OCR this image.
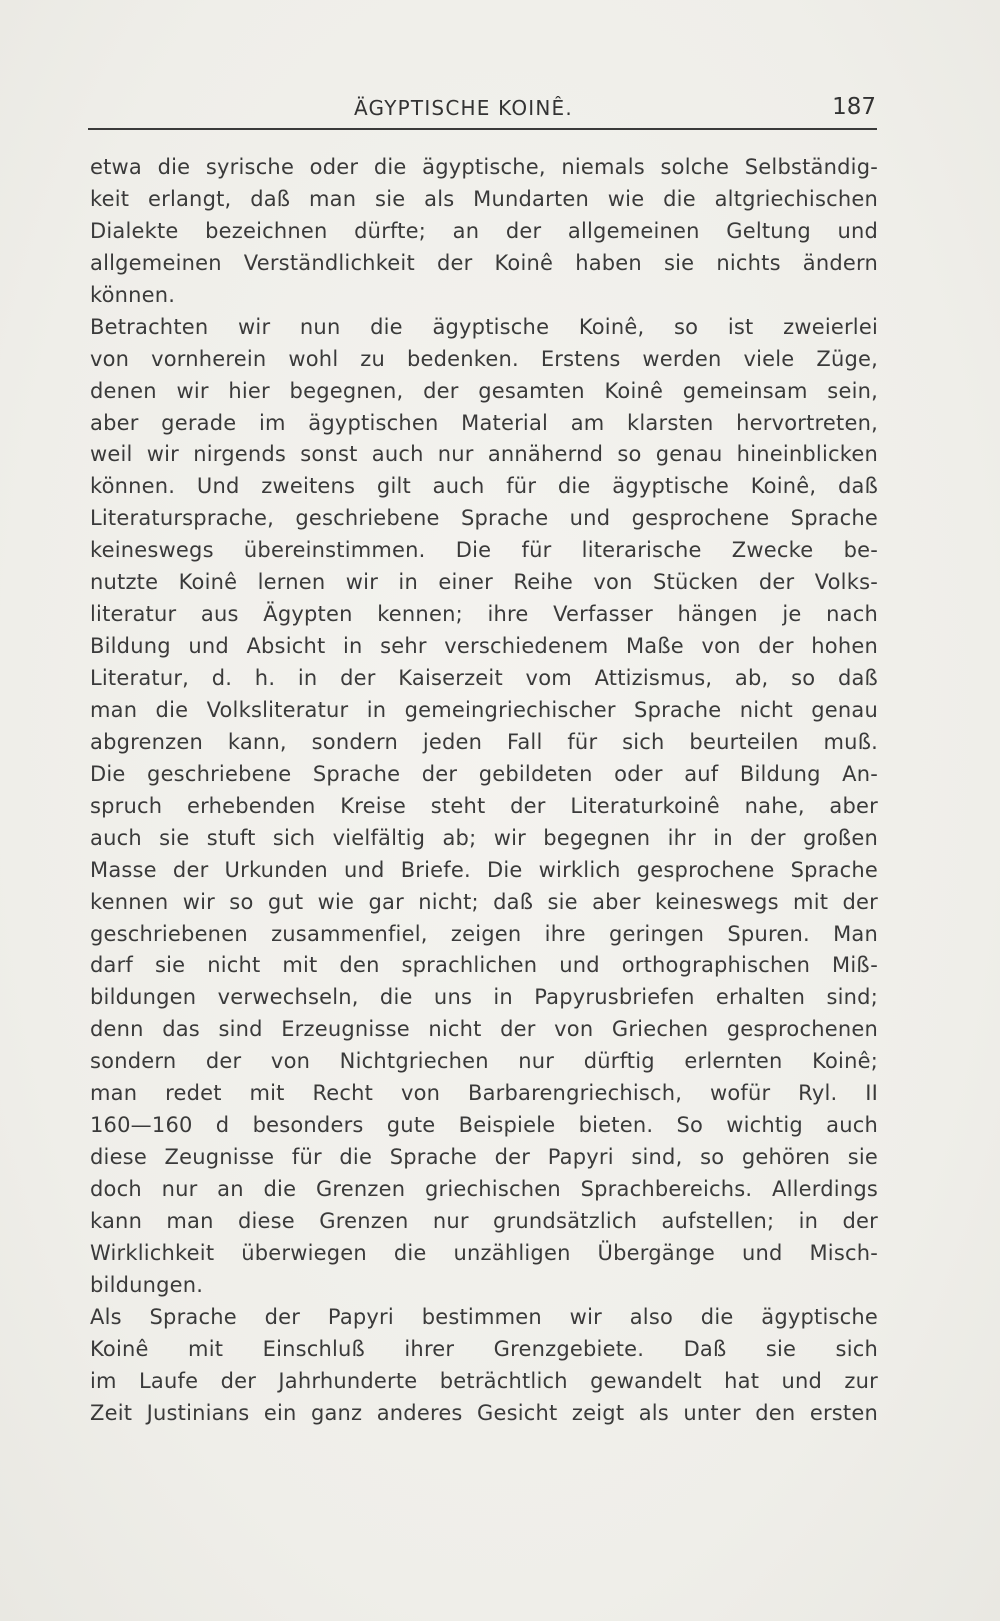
ÄGYPTISCHE KOINÊ.	187
etwa die syrische oder die ägyptische, niemals solche Selbständig-
keit erlangt, daß man sie als Mundarten wie die altgriechischen
Dialekte bezeichnen dürfte; an der allgemeinen Geltung und
allgemeinen Verständlichkeit der Koinê haben sie nichts ändern
können.
Betrachten wir nun die ägyptische Koinê, so ist zweierlei
von vornherein wohl zu bedenken. Erstens werden viele Züge,
denen wir hier begegnen, der gesamten Koinê gemeinsam sein,
aber gerade im ägyptischen Material am klarsten hervortreten,
weil wir nirgends sonst auch nur annähernd so genau hineinblicken
können. Und zweitens gilt auch für die ägyptische Koinê, daß
Literatursprache, geschriebene Sprache und gesprochene Sprache
keineswegs übereinstimmen. Die für literarische Zwecke be-
nutzte Koinê lernen wir in einer Reihe von Stücken der Volks-
literatur aus Ägypten kennen; ihre Verfasser hängen je nach
Bildung und Absicht in sehr verschiedenem Maße von der hohen
Literatur, d. h. in der Kaiserzeit vom Attizismus, ab, so daß
man die Volksliteratur in gemeingriechischer Sprache nicht genau
abgrenzen kann, sondern jeden Fall für sich beurteilen muß.
Die geschriebene Sprache der gebildeten oder auf Bildung An-
spruch erhebenden Kreise steht der Literaturkoinê nahe, aber
auch sie stuft sich vielfältig ab; wir begegnen ihr in der großen
Masse der Urkunden und Briefe. Die wirklich gesprochene Sprache
kennen wir so gut wie gar nicht; daß sie aber keineswegs mit der
geschriebenen zusammenfiel, zeigen ihre geringen Spuren. Man
darf sie nicht mit den sprachlichen und orthographischen Miß-
bildungen verwechseln, die uns in Papyrusbriefen erhalten sind;
denn das sind Erzeugnisse nicht der von Griechen gesprochenen
sondern der von Nichtgriechen nur dürftig erlernten Koinê;
man redet mit Recht von Barbarengriechisch, wofür Ryl. II
160—160 d besonders gute Beispiele bieten. So wichtig auch
diese Zeugnisse für die Sprache der Papyri sind, so gehören sie
doch nur an die Grenzen griechischen Sprachbereichs. Allerdings
kann man diese Grenzen nur grundsätzlich aufstellen; in der
Wirklichkeit überwiegen die unzähligen Übergänge und Misch-
bildungen.
Als Sprache der Papyri bestimmen wir also die ägyptische
Koinê mit Einschluß ihrer Grenzgebiete. Daß sie sich
im Laufe der Jahrhunderte beträchtlich gewandelt hat und zur
Zeit Justinians ein ganz anderes Gesicht zeigt als unter den ersten
